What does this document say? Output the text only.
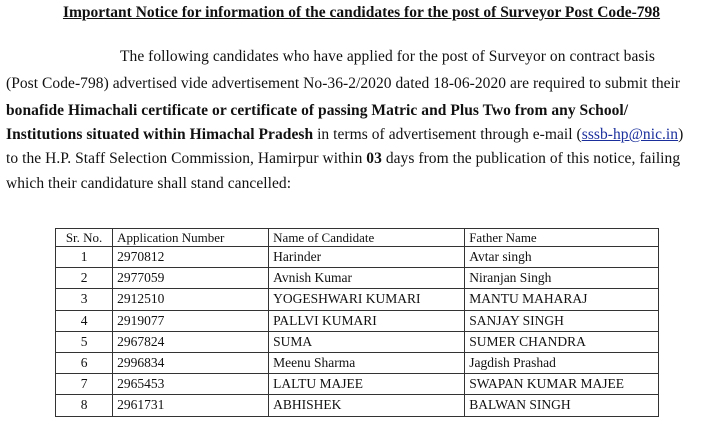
Important Notice for information of the candidates for the post of Surveyor Post Code-798
The following candidates who have applied for the post of Surveyor on contract basis
(Post Code-798) advertised vide advertisement No-36-2/2020 dated 18-06-2020 are required to submit their
bonafide Himachali certificate or certificate of passing Matric and Plus Two from any School/
Institutions situated within Himachal Pradesh in terms of advertisement through e-mail (sssb-hp@nic.in)
to the H.P. Staff Selection Commission, Hamirpur within 03 days from the publication of this notice, failing
which their candidature shall stand cancelled:
Sr. No.	Application Number	Name of Candidate	Father Name
1	2970812	Harinder	Avtar singh
2	2977059	Avnish Kumar	Niranjan Singh
3	2912510	YOGESHWARI KUMARI	MANTU MAHARAJ
4	2919077	PALLVI KUMARI	SANJAY SINGH
5	2967824	SUMA	SUMER CHANDRA
6	2996834	Meenu Sharma	Jagdish Prashad
7	2965453	LALTU MAJEE	SWAPAN KUMAR MAJEE
8	2961731	ABHISHEK	BALWAN SINGH
